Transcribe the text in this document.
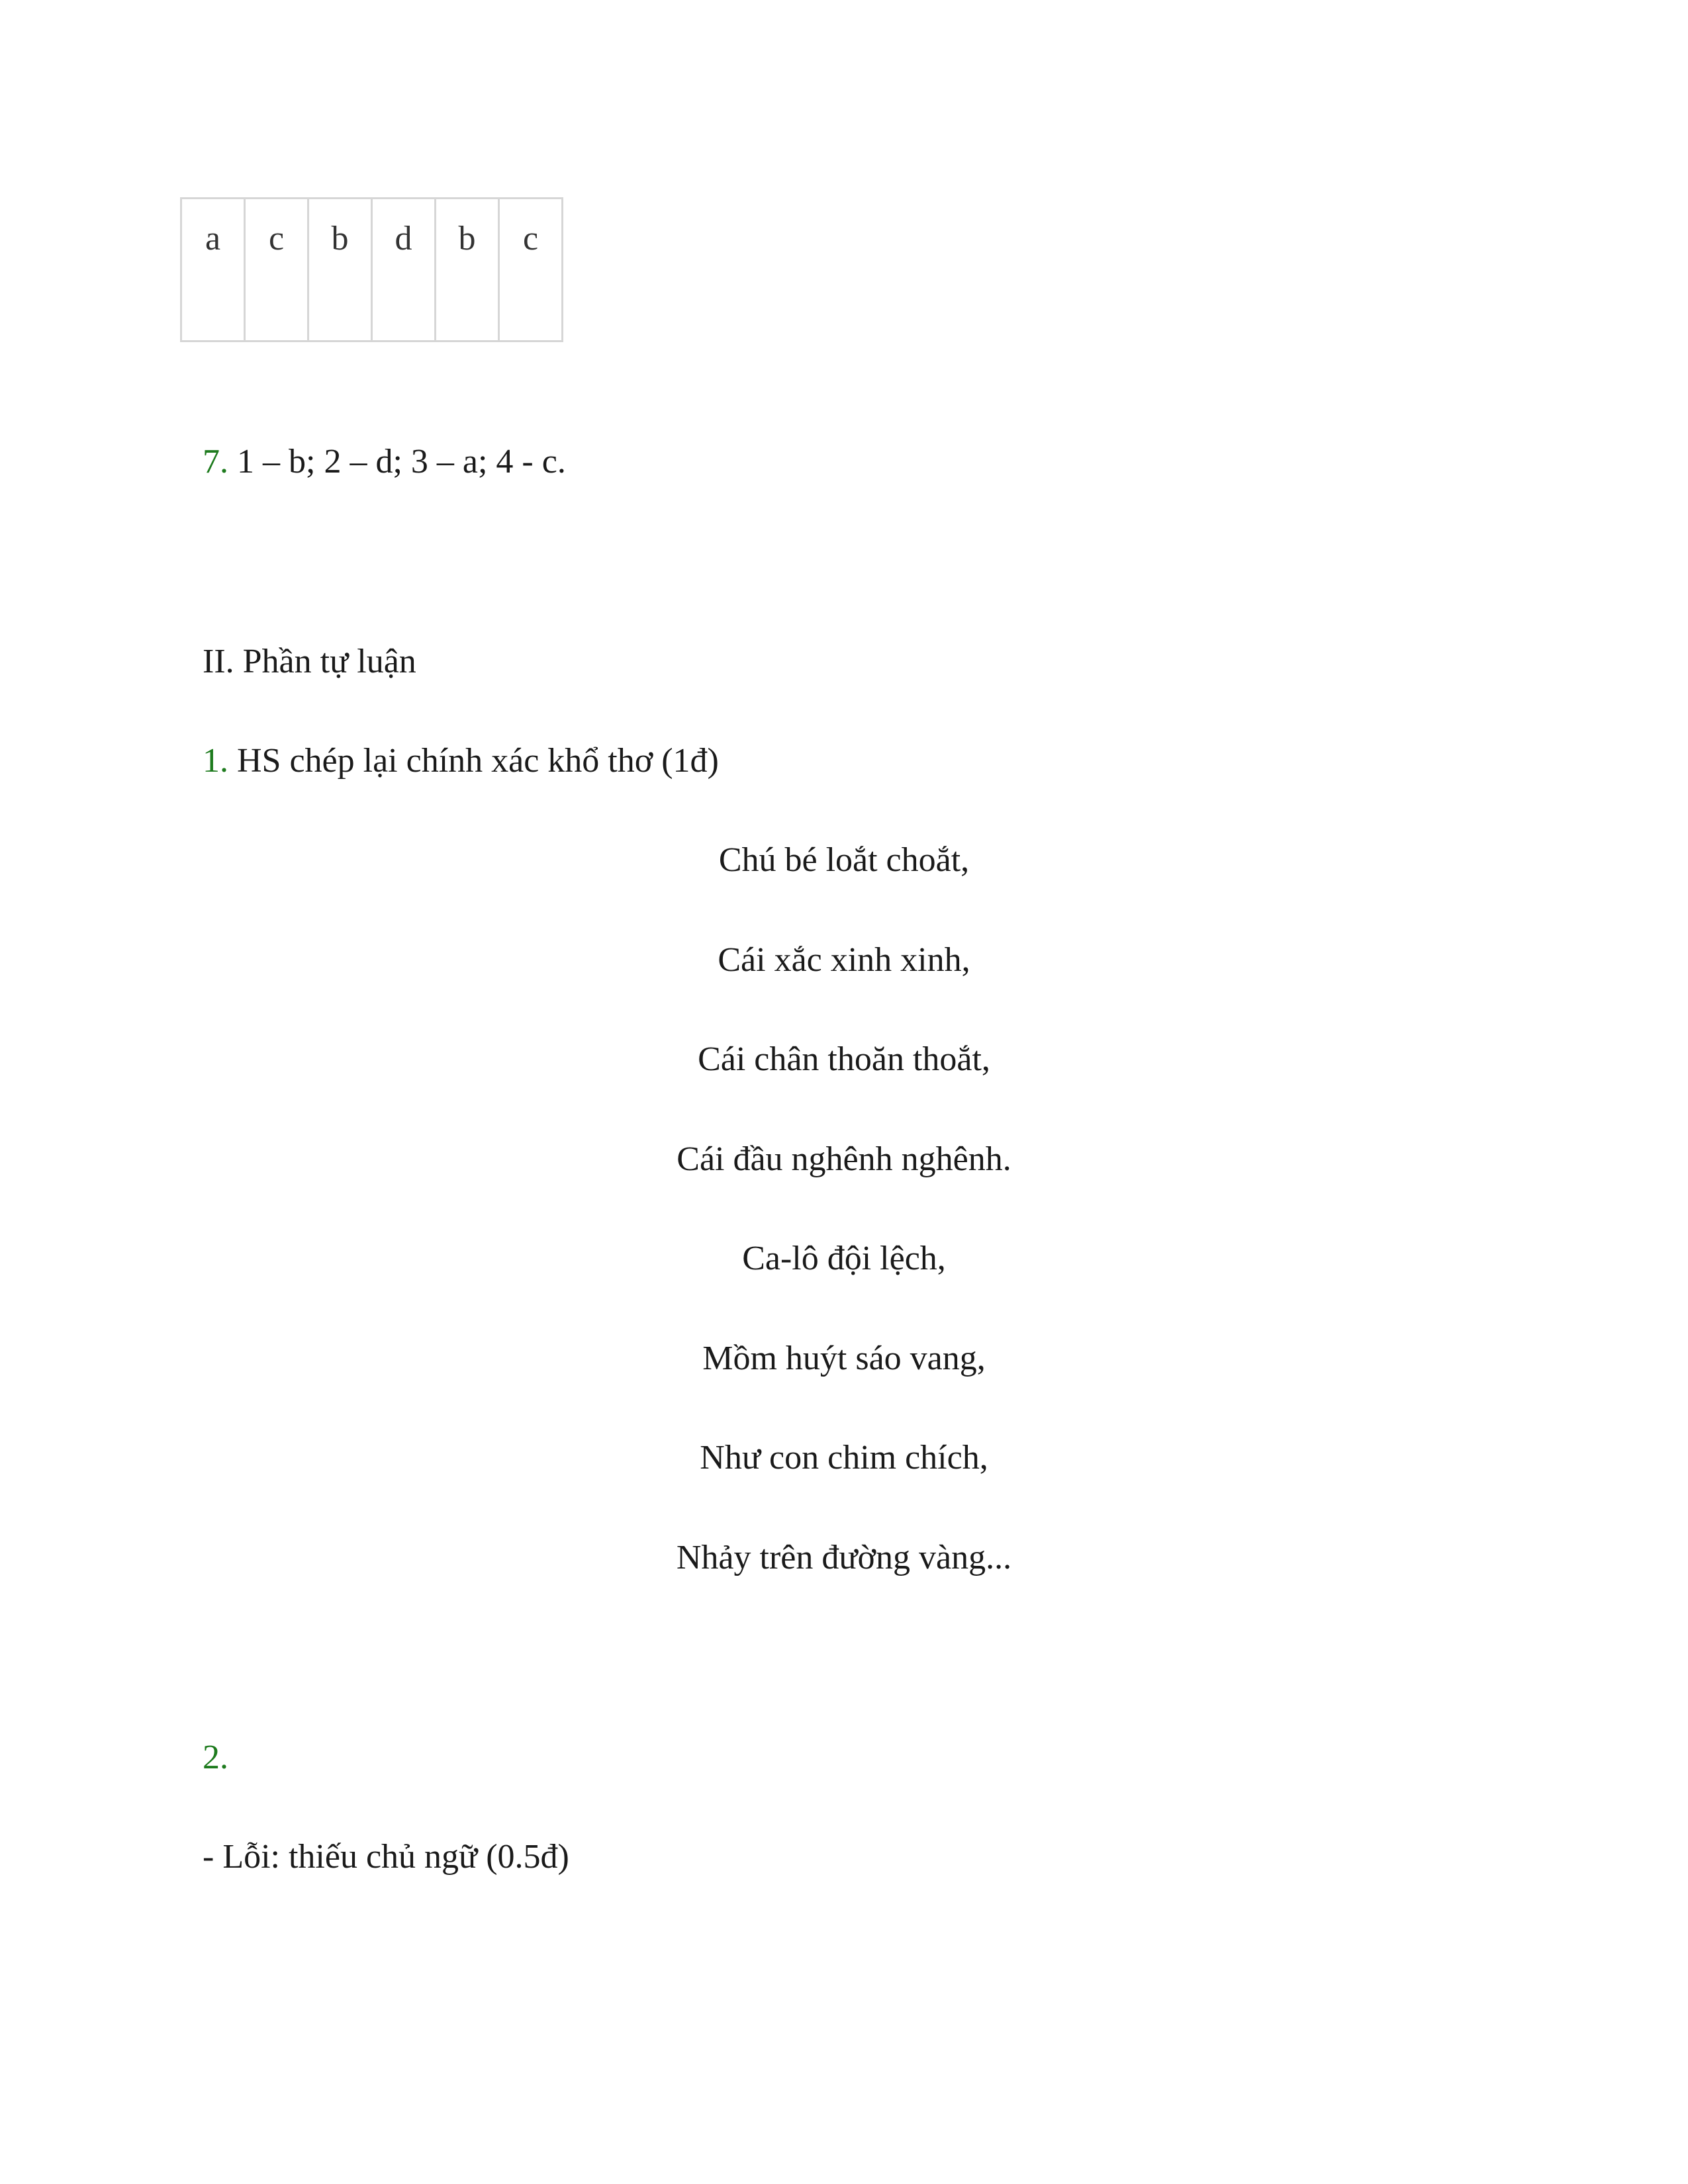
a	c	b	d	b	c
7. 1 – b; 2 – d; 3 – a; 4 - c.
II. Phần tự luận
1. HS chép lại chính xác khổ thơ (1đ)
Chú bé loắt choắt,
Cái xắc xinh xinh,
Cái chân thoăn thoắt,
Cái đầu nghênh nghênh.
Ca-lô đội lệch,
Mồm huýt sáo vang,
Như con chim chích,
Nhảy trên đường vàng...
2.
- Lỗi: thiếu chủ ngữ (0.5đ)
